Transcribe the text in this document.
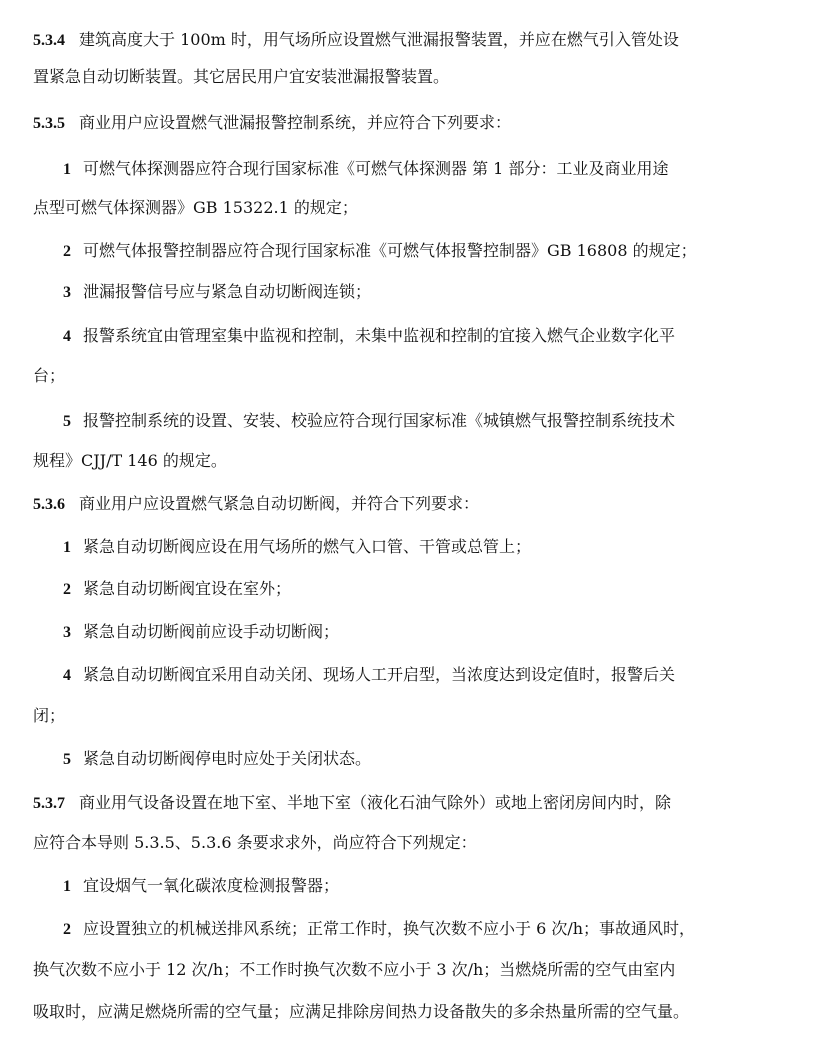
5.3.4 建筑高度大于 100m 时，用气场所应设置燃气泄漏报警装置，并应在燃气引入管处设
置紧急自动切断装置。其它居民用户宜安装泄漏报警装置。
5.3.5 商业用户应设置燃气泄漏报警控制系统，并应符合下列要求：
1 可燃气体探测器应符合现行国家标准《可燃气体探测器 第 1 部分：工业及商业用途
点型可燃气体探测器》GB 15322.1 的规定；
2 可燃气体报警控制器应符合现行国家标准《可燃气体报警控制器》GB 16808 的规定；
3 泄漏报警信号应与紧急自动切断阀连锁；
4 报警系统宜由管理室集中监视和控制，未集中监视和控制的宜接入燃气企业数字化平
台；
5 报警控制系统的设置、安装、校验应符合现行国家标准《城镇燃气报警控制系统技术
规程》CJJ/T 146 的规定。
5.3.6 商业用户应设置燃气紧急自动切断阀，并符合下列要求：
1 紧急自动切断阀应设在用气场所的燃气入口管、干管或总管上；
2 紧急自动切断阀宜设在室外；
3 紧急自动切断阀前应设手动切断阀；
4 紧急自动切断阀宜采用自动关闭、现场人工开启型，当浓度达到设定值时，报警后关
闭；
5 紧急自动切断阀停电时应处于关闭状态。
5.3.7 商业用气设备设置在地下室、半地下室（液化石油气除外）或地上密闭房间内时，除
应符合本导则 5.3.5、5.3.6 条要求求外，尚应符合下列规定：
1 宜设烟气一氧化碳浓度检测报警器；
2 应设置独立的机械送排风系统；正常工作时，换气次数不应小于 6 次/h；事故通风时，
换气次数不应小于 12 次/h；不工作时换气次数不应小于 3 次/h；当燃烧所需的空气由室内
吸取时，应满足燃烧所需的空气量；应满足排除房间热力设备散失的多余热量所需的空气量。
